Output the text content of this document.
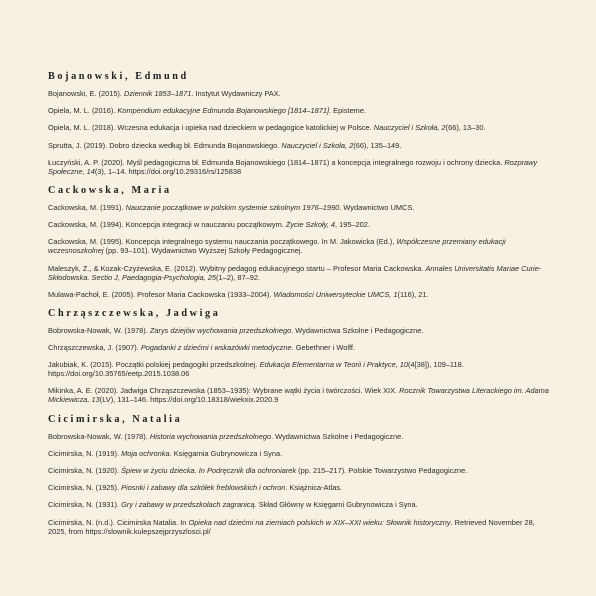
Bojanowski, Edmund
Bojanowski, E. (2015). Dziennik 1853–1871. Instytut Wydawniczy PAX.
Opiela, M. L. (2016). Kompendium edukacyjne Edmunda Bojanowskiego [1814–1871]. Episteme.
Opiela, M. L. (2018). Wczesna edukacja i opieka nad dzieckiem w pedagogice katolickiej w Polsce. Nauczyciel i Szkoła, 2(66), 13–30.
Sprutta, J. (2019). Dobro dziecka według bł. Edmunda Bojanowskiego. Nauczyciel i Szkoła, 2(66), 135–149.
Łuczyński, A. P. (2020). Myśl pedagogiczna bł. Edmunda Bojanowskiego (1814–1871) a koncepcja integralnego rozwoju i ochrony dziecka. Rozprawy Społeczne, 14(3), 1–14. https://doi.org/10.29316/rs/125838
Cackowska, Maria
Cackowska, M. (1991). Nauczanie początkowe w polskim systemie szkolnym 1976–1990. Wydawnictwo UMCS.
Cackowska, M. (1994). Koncepcja integracji w nauczaniu początkowym. Życie Szkoły, 4, 195–202.
Cackowska, M. (1995). Koncepcja integralnego systemu nauczania początkowego. In M. Jakowicka (Ed.), Współczesne przemiany edukacji wczesnoszkolnej (pp. 93–101). Wydawnictwo Wyższej Szkoły Pedagogicznej.
Maleszyk, Z., & Kozak-Czyżewska, E. (2012). Wybitny pedagog edukacyjnego startu – Profesor Maria Cackowska. Annales Universitatis Mariae Curie-Skłodowska. Sectio J, Paedagogia-Psychologia, 25(1–2), 87–92.
Mulawa-Pachoł, E. (2005). Profesor Maria Cackowska (1933–2004). Wiadomości Uniwersyteckie UMCS, 1(116), 21.
Chrząszczewska, Jadwiga
Bobrowska-Nowak, W. (1978). Zarys dziejów wychowania przedszkolnego. Wydawnictwa Szkolne i Pedagogiczne.
Chrząszczewska, J. (1907). Pogadanki z dziećmi i wskazówki metodyczne. Gebethner i Wolff.
Jakubiak, K. (2015). Początki polskiej pedagogiki przedszkolnej. Edukacja Elementarna w Teorii i Praktyce, 10(4[38]), 109–118. https://doi.org/10.35765/eetp.2015.1038.06
Mikinka, A. E. (2020). Jadwiga Chrząszczewska (1853–1935): Wybrane wątki życia i twórczości. Wiek XIX. Rocznik Towarzystwa Literackiego im. Adama Mickiewicza, 13(LV), 131–146. https://doi.org/10.18318/wiekxix.2020.9
Cicimirska, Natalia
Bobrowska-Nowak, W. (1978). Historia wychowania przedszkolnego. Wydawnictwa Szkolne i Pedagogiczne.
Cicimirska, N. (1919). Moja ochronka. Księgarnia Gubrynowicza i Syna.
Cicimirska, N. (1920). Śpiew w życiu dziecka. In Podręcznik dla ochroniarek (pp. 215–217). Polskie Towarzystwo Pedagogiczne.
Cicimirska, N. (1925). Piosnki i zabawy dla szkółek freblowskich i ochron. Książnica-Atlas.
Cicimirska, N. (1931). Gry i zabawy w przedszkolach zagranicą. Skład Główny w Księgarni Gubrynowicza i Syna.
Cicimirska, N. (n.d.). Cicimirska Natalia. In Opieka nad dziećmi na ziemiach polskich w XIX–XXI wieku: Słownik historyczny. Retrieved November 28, 2025, from https://slownik.kulepszejprzyszlosci.pl/
